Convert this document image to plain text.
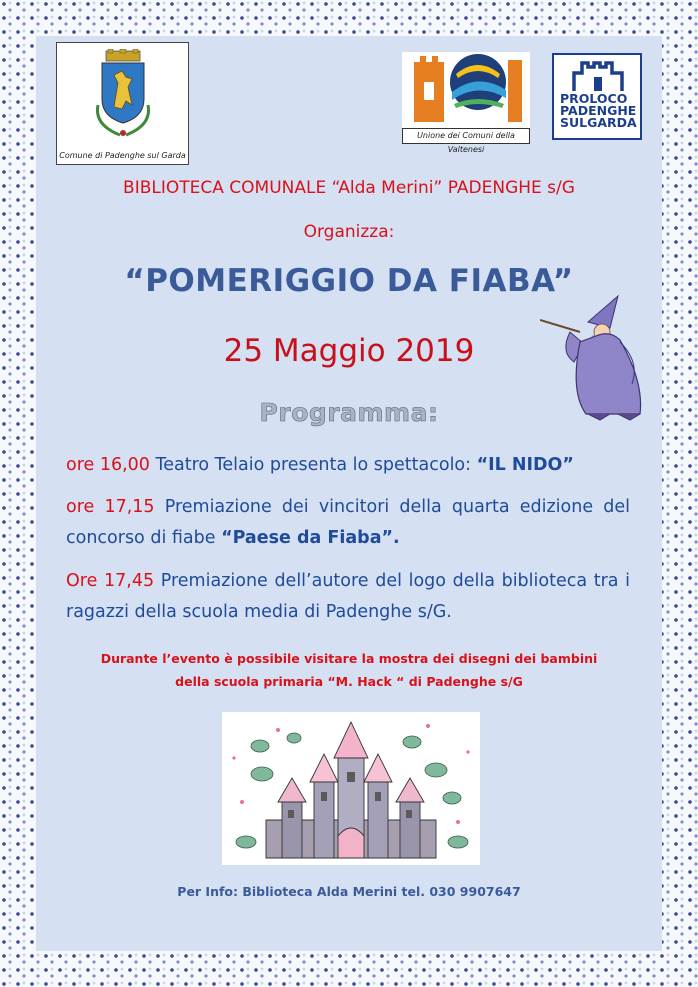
Comune di Padenghe sul Garda
Unione dei Comuni della Valtenesi
PROLOCO
PADENGHE
SULGARDA
BIBLIOTECA COMUNALE “Alda Merini” PADENGHE s/G
Organizza:
“POMERIGGIO DA FIABA”
25 Maggio 2019
Programma:
ore 16,00 Teatro Telaio presenta lo spettacolo: “IL NIDO”
ore 17,15 Premiazione dei vincitori della quarta edizione del concorso di fiabe “Paese da Fiaba”.
Ore 17,45 Premiazione dell’autore del logo della biblioteca tra i ragazzi della scuola media di Padenghe s/G.
Durante l’evento è possibile visitare la mostra dei disegni dei bambini
della scuola primaria “M. Hack “ di Padenghe s/G
Per Info: Biblioteca Alda Merini tel. 030 9907647
